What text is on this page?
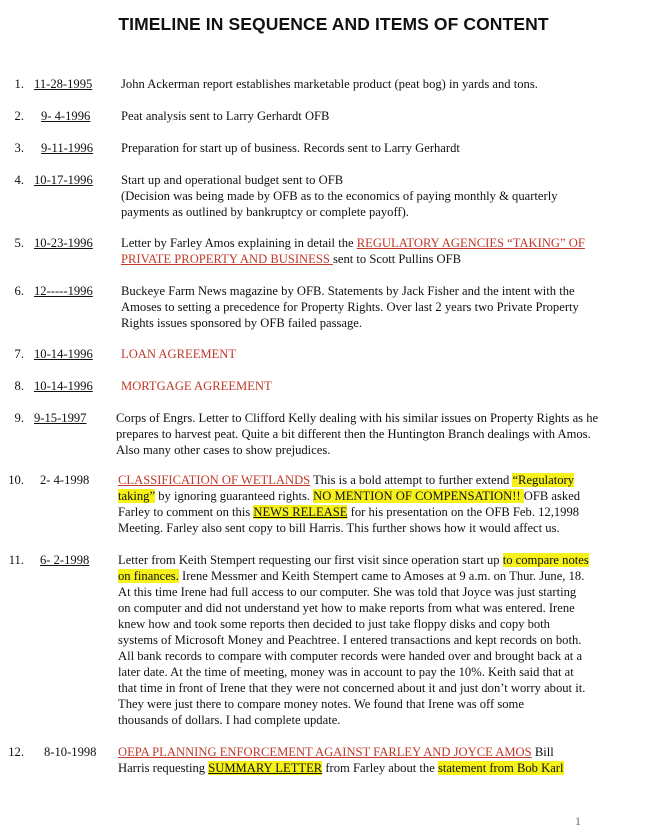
TIMELINE IN SEQUENCE AND ITEMS OF CONTENT
1. 11-28-1995 John Ackerman report establishes marketable product (peat bog) in yards and tons.
2. 9- 4-1996 Peat analysis sent to Larry Gerhardt OFB
3. 9-11-1996 Preparation for start up of business. Records sent to Larry Gerhardt
4. 10-17-1996 Start up and operational budget sent to OFB
(Decision was being made by OFB as to the economics of paying monthly & quarterly
payments as outlined by bankruptcy or complete payoff).
5. 10-23-1996 Letter by Farley Amos explaining in detail the REGULATORY AGENCIES “TAKING” OF
PRIVATE PROPERTY AND BUSINESS sent to Scott Pullins OFB
6. 12-----1996 Buckeye Farm News magazine by OFB. Statements by Jack Fisher and the intent with the
Amoses to setting a precedence for Property Rights. Over last 2 years two Private Property
Rights issues sponsored by OFB failed passage.
7. 10-14-1996 LOAN AGREEMENT
8. 10-14-1996 MORTGAGE AGREEMENT
9. 9-15-1997 Corps of Engrs. Letter to Clifford Kelly dealing with his similar issues on Property Rights as he
prepares to harvest peat. Quite a bit different then the Huntington Branch dealings with Amos.
Also many other cases to show prejudices.
10. 2- 4-1998 CLASSIFICATION OF WETLANDS This is a bold attempt to further extend “Regulatory
taking” by ignoring guaranteed rights. NO MENTION OF COMPENSATION!! OFB asked
Farley to comment on this NEWS RELEASE for his presentation on the OFB Feb. 12,1998
Meeting. Farley also sent copy to bill Harris. This further shows how it would affect us.
11. 6- 2-1998 Letter from Keith Stempert requesting our first visit since operation start up to compare notes
on finances. Irene Messmer and Keith Stempert came to Amoses at 9 a.m. on Thur. June, 18.
At this time Irene had full access to our computer. She was told that Joyce was just starting
on computer and did not understand yet how to make reports from what was entered. Irene
knew how and took some reports then decided to just take floppy disks and copy both
systems of Microsoft Money and Peachtree. I entered transactions and kept records on both.
All bank records to compare with computer records were handed over and brought back at a
later date. At the time of meeting, money was in account to pay the 10%. Keith said that at
that time in front of Irene that they were not concerned about it and just don’t worry about it.
They were just there to compare money notes. We found that Irene was off some
thousands of dollars. I had complete update.
12. 8-10-1998 OEPA PLANNING ENFORCEMENT AGAINST FARLEY AND JOYCE AMOS Bill
Harris requesting SUMMARY LETTER from Farley about the statement from Bob Karl
1
